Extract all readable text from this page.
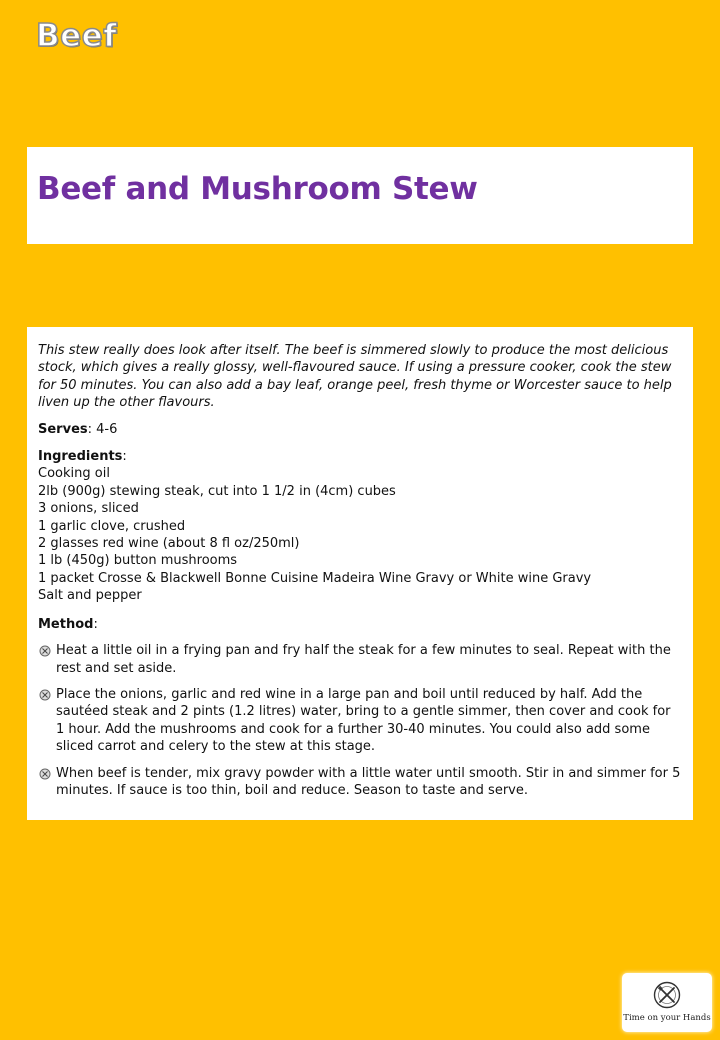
Beef
Beef and Mushroom Stew

This stew really does look after itself. The beef is simmered slowly to produce the most delicious stock, which gives a really glossy, well-flavoured sauce. If using a pressure cooker, cook the stew for 50 minutes. You can also add a bay leaf, orange peel, fresh thyme or Worcester sauce to help liven up the other flavours.

Serves: 4-6

Ingredients:

Cooking oil
2lb (900g) stewing steak, cut into 1 1/2 in (4cm) cubes
3 onions, sliced
1 garlic clove, crushed
2 glasses red wine (about 8 fl oz/250ml)
1 lb (450g) button mushrooms
1 packet Crosse & Blackwell Bonne Cuisine Madeira Wine Gravy or White wine Gravy
Salt and pepper

Method:

Heat a little oil in a frying pan and fry half the steak for a few minutes to seal. Repeat with the rest and set aside.
Place the onions, garlic and red wine in a large pan and boil until reduced by half. Add the sautéed steak and 2 pints (1.2 litres) water, bring to a gentle simmer, then cover and cook for 1 hour. Add the mushrooms and cook for a further 30-40 minutes. You could also add some sliced carrot and celery to the stew at this stage.
When beef is tender, mix gravy powder with a little water until smooth. Stir in and simmer for 5 minutes. If sauce is too thin, boil and reduce. Season to taste and serve.
Time on your Hands
